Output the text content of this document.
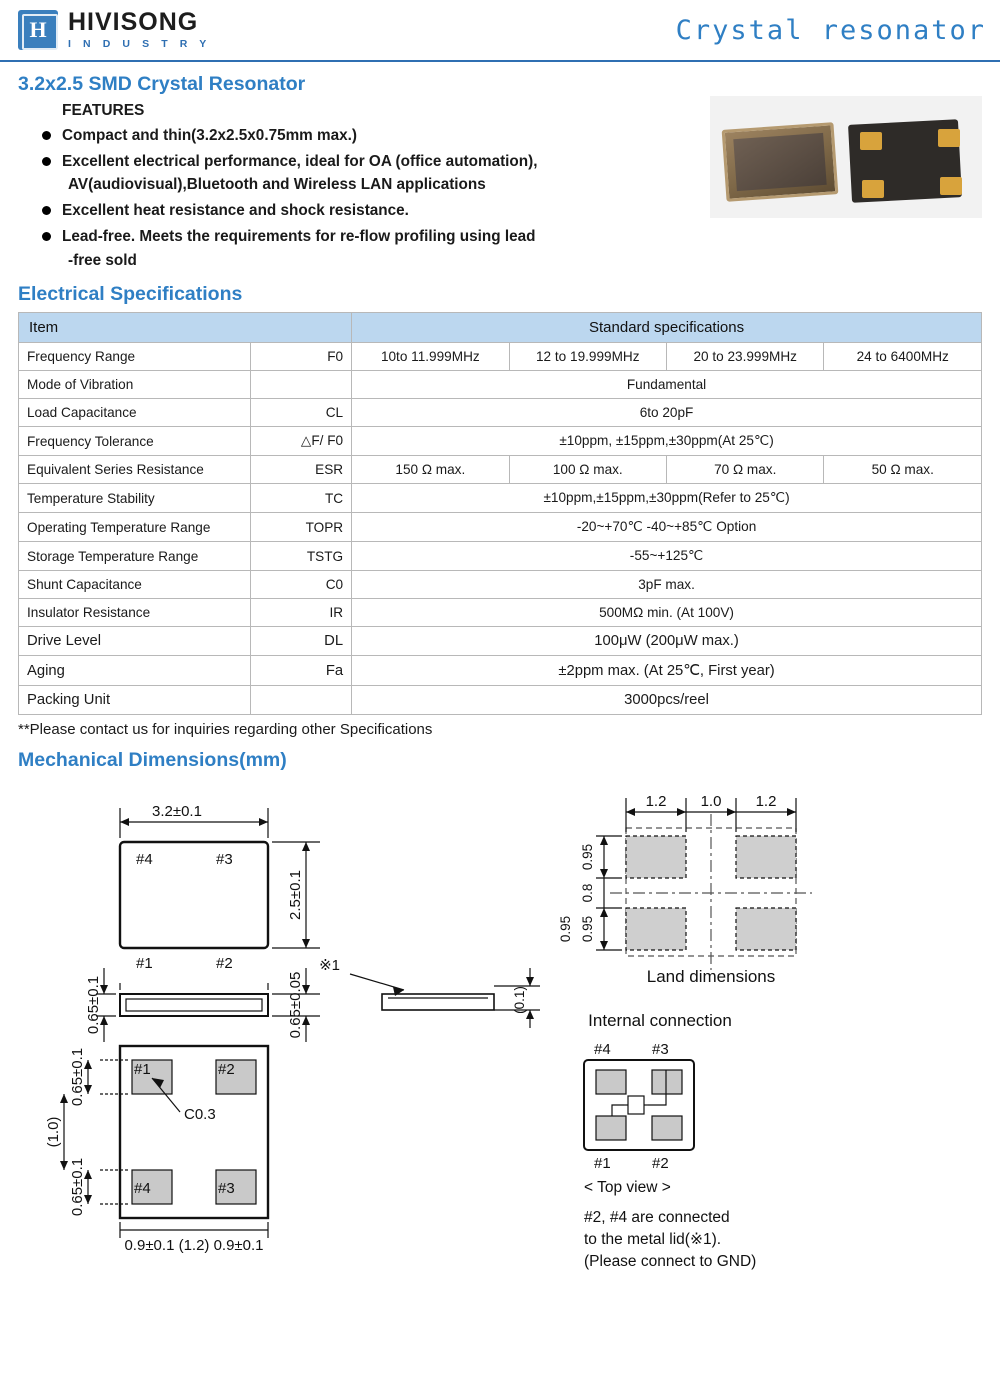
H HIVISONG
I N D U S T R Y	Crystal resonator
3.2x2.5 SMD Crystal Resonator
FEATURES
Compact and thin(3.2x2.5x0.75mm max.)
Excellent electrical performance, ideal for OA (office automation),
AV(audiovisual),Bluetooth and Wireless LAN applications
Excellent heat resistance and shock resistance.
Lead-free. Meets the requirements for re-flow profiling using lead
-free sold
Electrical Specifications
Item		Standard specifications			
Frequency Range	F0	10to 11.999MHz	12 to 19.999MHz	20 to 23.999MHz	24 to 6400MHz
Mode of Vibration		Fundamental			
Load Capacitance	CL	6to 20pF			
Frequency Tolerance	△F/ F0	±10ppm, ±15ppm,±30ppm(At 25℃)			
Equivalent Series Resistance	ESR	150 Ω max.	100 Ω max.	70 Ω max.	50 Ω max.
Temperature Stability	TC	±10ppm,±15ppm,±30ppm(Refer to 25℃)			
Operating Temperature Range	TOPR	-20~+70℃ -40~+85℃ Option			
Storage Temperature Range	TSTG	-55~+125℃			
Shunt Capacitance	C0	3pF max.			
Insulator Resistance	IR	500MΩ min. (At 100V)			
Drive Level	DL	100μW (200μW max.)			
Aging	Fa	±2ppm max. (At 25℃, First year)			
Packing Unit		3000pcs/reel			
**Please contact us for inquiries regarding other Specifications
Mechanical Dimensions(mm)
3.2±0.1
#4	#3
#1	#2
2.5±0.1
0.65±0.1	0.65±0.05
#1	#2
#4	#3
C0.3
0.65±0.1
(1.0)
0.65±0.1
0.9±0.1 (1.2) 0.9±0.1
※1
(0.1)
1.2 1.0 1.2
0.95
0.8
0.95
0.95
Land dimensions
Internal connection
#4	#3
#1	#2
< Top view >
#2, #4 are connected
to the metal lid(※1).
(Please connect to GND)
